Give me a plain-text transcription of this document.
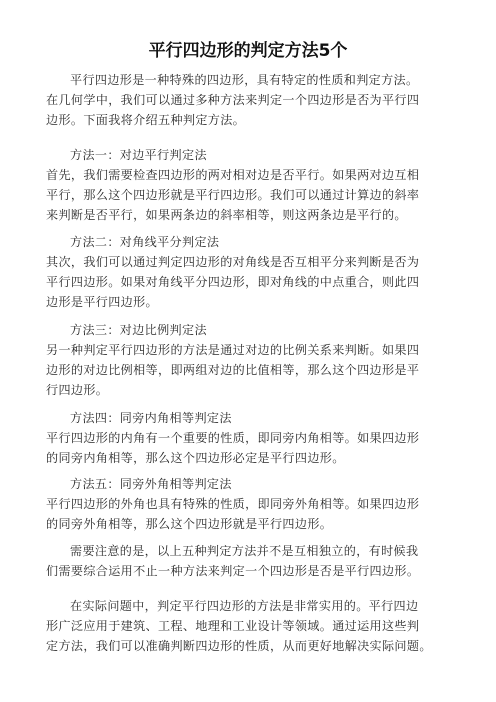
平行四边形的判定方法5个
平行四边形是一种特殊的四边形，具有特定的性质和判定方法。
在几何学中，我们可以通过多种方法来判定一个四边形是否为平行四
边形。下面我将介绍五种判定方法。
方法一：对边平行判定法
首先，我们需要检查四边形的两对相对边是否平行。如果两对边互相
平行，那么这个四边形就是平行四边形。我们可以通过计算边的斜率
来判断是否平行，如果两条边的斜率相等，则这两条边是平行的。
方法二：对角线平分判定法
其次，我们可以通过判定四边形的对角线是否互相平分来判断是否为
平行四边形。如果对角线平分四边形，即对角线的中点重合，则此四
边形是平行四边形。
方法三：对边比例判定法
另一种判定平行四边形的方法是通过对边的比例关系来判断。如果四
边形的对边比例相等，即两组对边的比值相等，那么这个四边形是平
行四边形。
方法四：同旁内角相等判定法
平行四边形的内角有一个重要的性质，即同旁内角相等。如果四边形
的同旁内角相等，那么这个四边形必定是平行四边形。
方法五：同旁外角相等判定法
平行四边形的外角也具有特殊的性质，即同旁外角相等。如果四边形
的同旁外角相等，那么这个四边形就是平行四边形。
需要注意的是，以上五种判定方法并不是互相独立的，有时候我
们需要综合运用不止一种方法来判定一个四边形是否是平行四边形。
在实际问题中，判定平行四边形的方法是非常实用的。平行四边
形广泛应用于建筑、工程、地理和工业设计等领域。通过运用这些判
定方法，我们可以准确判断四边形的性质，从而更好地解决实际问题。
